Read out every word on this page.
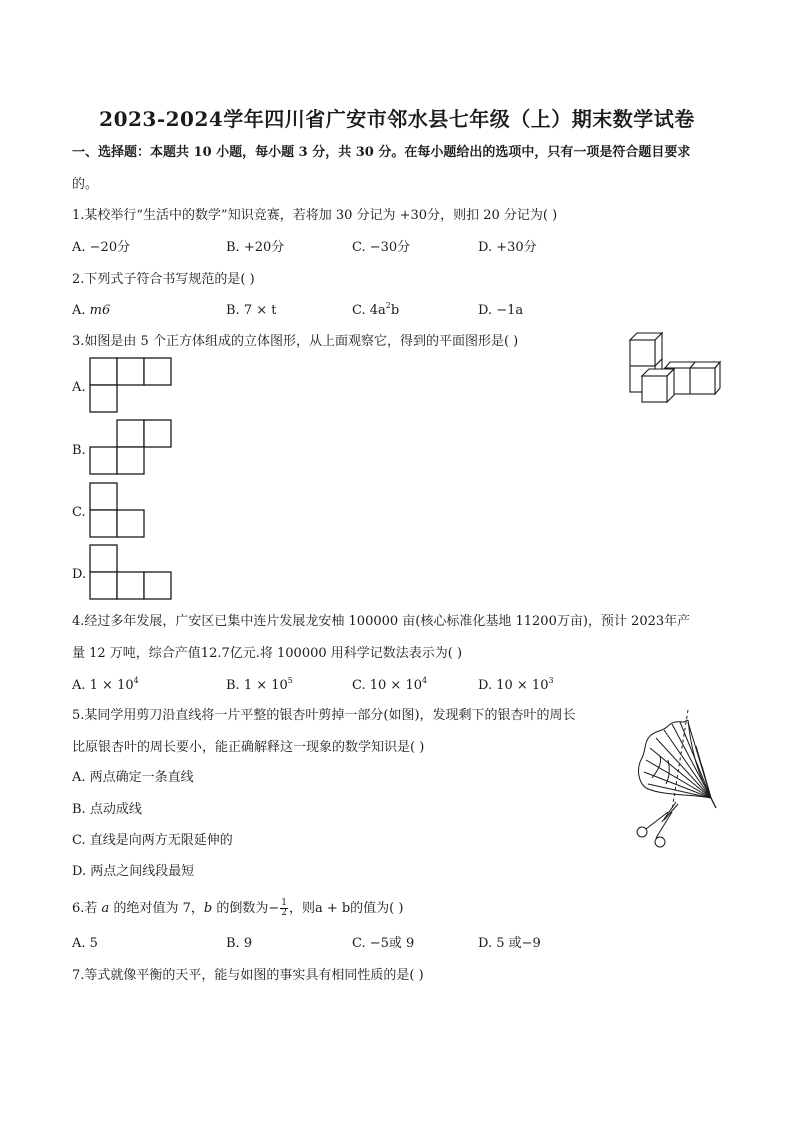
2023-2024学年四川省广安市邻水县七年级（上）期末数学试卷
一、选择题：本题共 10 小题，每小题 3 分，共 30 分。在每小题给出的选项中，只有一项是符合题目要求
的。
1.某校举行“生活中的数学”知识竞赛，若将加 30 分记为 +30分，则扣 20 分记为( )
A. −20分	B. +20分	C. −30分	D. +30分
2.下列式子符合书写规范的是( )
A. m6	B. 7 × t	C. $4a^2b$	D. −1a
3.如图是由 5 个正方体组成的立体图形，从上面观察它，得到的平面图形是( )
A.
B.
C.
D.
4.经过多年发展，广安区已集中连片发展龙安柚 100000 亩(核心标准化基地 11200万亩)，预计 2023年产
量 12 万吨，综合产值12.7亿元.将 100000 用科学记数法表示为( )
A. $1 \times 10^4$	B. $1 \times 10^5$	C. $10 \times 10^4$	D. $10 \times 10^3$
5.某同学用剪刀沿直线将一片平整的银杏叶剪掉一部分(如图)，发现剩下的银杏叶的周长
比原银杏叶的周长要小，能正确解释这一现象的数学知识是( )
A. 两点确定一条直线
B. 点动成线
C. 直线是向两方无限延伸的
D. 两点之间线段最短
6.若 a 的绝对值为 7，b 的倒数为− $\frac{1}{2}$ ，则a + b的值为( )
A. 5	B. 9	C. −5或 9	D. 5 或−9
7.等式就像平衡的天平，能与如图的事实具有相同性质的是( )
